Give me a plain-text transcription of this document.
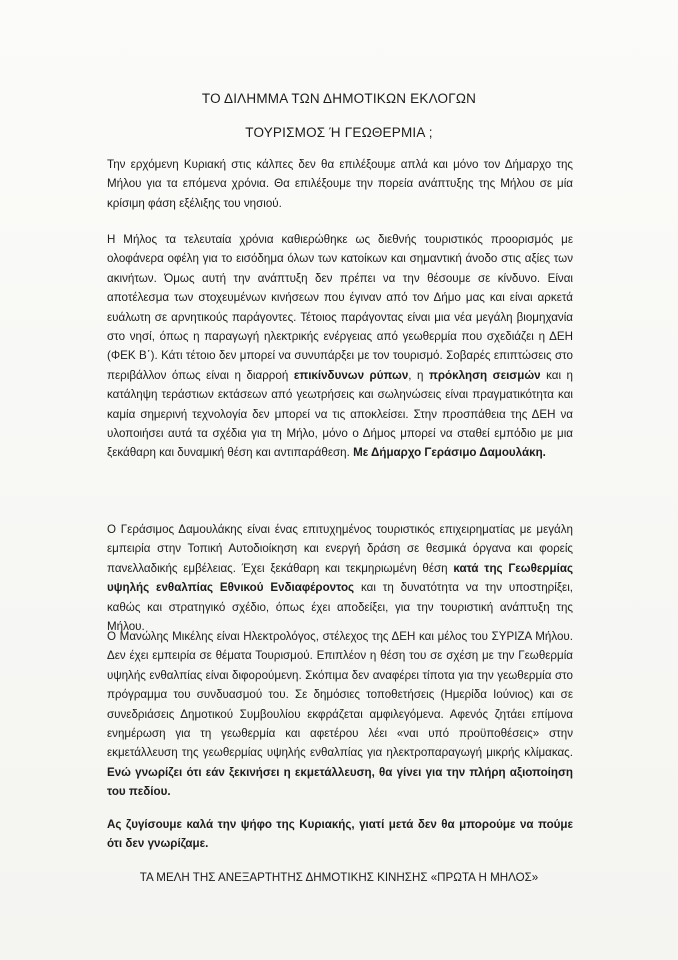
ΤΟ ΔΙΛΗΜΜΑ ΤΩΝ ΔΗΜΟΤΙΚΩΝ ΕΚΛΟΓΩΝ
ΤΟΥΡΙΣΜΟΣ Ή ΓΕΩΘΕΡΜΙΑ ;
Την ερχόμενη Κυριακή στις κάλπες δεν θα επιλέξουμε απλά και μόνο τον Δήμαρχο της Μήλου για τα επόμενα χρόνια. Θα επιλέξουμε την πορεία ανάπτυξης της Μήλου σε μία κρίσιμη φάση εξέλιξης του νησιού.
Η Μήλος τα τελευταία χρόνια καθιερώθηκε ως διεθνής τουριστικός προορισμός με ολοφάνερα οφέλη για το εισόδημα όλων των κατοίκων και σημαντική άνοδο στις αξίες των ακινήτων. Όμως αυτή την ανάπτυξη δεν πρέπει να την θέσουμε σε κίνδυνο. Είναι αποτέλεσμα των στοχευμένων κινήσεων που έγιναν από τον Δήμο μας και είναι αρκετά ευάλωτη σε αρνητικούς παράγοντες. Τέτοιος παράγοντας είναι μια νέα μεγάλη βιομηχανία στο νησί, όπως η παραγωγή ηλεκτρικής ενέργειας από γεωθερμία που σχεδιάζει η ΔΕΗ (ΦΕΚ Β΄). Κάτι τέτοιο δεν μπορεί να συνυπάρξει με τον τουρισμό. Σοβαρές επιπτώσεις στο περιβάλλον όπως είναι η διαρροή επικίνδυνων ρύπων, η πρόκληση σεισμών και η κατάληψη τεράστιων εκτάσεων από γεωτρήσεις και σωληνώσεις είναι πραγματικότητα και καμία σημερινή τεχνολογία δεν μπορεί να τις αποκλείσει. Στην προσπάθεια της ΔΕΗ να υλοποιήσει αυτά τα σχέδια για τη Μήλο, μόνο ο Δήμος μπορεί να σταθεί εμπόδιο με μια ξεκάθαρη και δυναμική θέση και αντιπαράθεση. Με Δήμαρχο Γεράσιμο Δαμουλάκη.
Ο Γεράσιμος Δαμουλάκης είναι ένας επιτυχημένος τουριστικός επιχειρηματίας με μεγάλη εμπειρία στην Τοπική Αυτοδιοίκηση και ενεργή δράση σε θεσμικά όργανα και φορείς πανελλαδικής εμβέλειας. Έχει ξεκάθαρη και τεκμηριωμένη θέση κατά της Γεωθερμίας υψηλής ενθαλπίας Εθνικού Ενδιαφέροντος και τη δυνατότητα να την υποστηρίξει, καθώς και στρατηγικό σχέδιο, όπως έχει αποδείξει, για την τουριστική ανάπτυξη της Μήλου.
Ο Μανώλης Μικέλης είναι Ηλεκτρολόγος, στέλεχος της ΔΕΗ και μέλος του ΣΥΡΙΖΑ Μήλου. Δεν έχει εμπειρία σε θέματα Τουρισμού. Επιπλέον η θέση του σε σχέση με την Γεωθερμία υψηλής ενθαλπίας είναι διφορούμενη. Σκόπιμα δεν αναφέρει τίποτα για την γεωθερμία στο πρόγραμμα του συνδυασμού του. Σε δημόσιες τοποθετήσεις (Ημερίδα Ιούνιος) και σε συνεδριάσεις Δημοτικού Συμβουλίου εκφράζεται αμφιλεγόμενα. Αφενός ζητάει επίμονα ενημέρωση για τη γεωθερμία και αφετέρου λέει «ναι υπό προϋποθέσεις» στην εκμετάλλευση της γεωθερμίας υψηλής ενθαλπίας για ηλεκτροπαραγωγή μικρής κλίμακας. Ενώ γνωρίζει ότι εάν ξεκινήσει η εκμετάλλευση, θα γίνει για την πλήρη αξιοποίηση του πεδίου.
Ας ζυγίσουμε καλά την ψήφο της Κυριακής, γιατί μετά δεν θα μπορούμε να πούμε ότι δεν γνωρίζαμε.
ΤΑ ΜΕΛΗ ΤΗΣ ΑΝΕΞΑΡΤΗΤΗΣ ΔΗΜΟΤΙΚΗΣ ΚΙΝΗΣΗΣ «ΠΡΩΤΑ Η ΜΗΛΟΣ»
